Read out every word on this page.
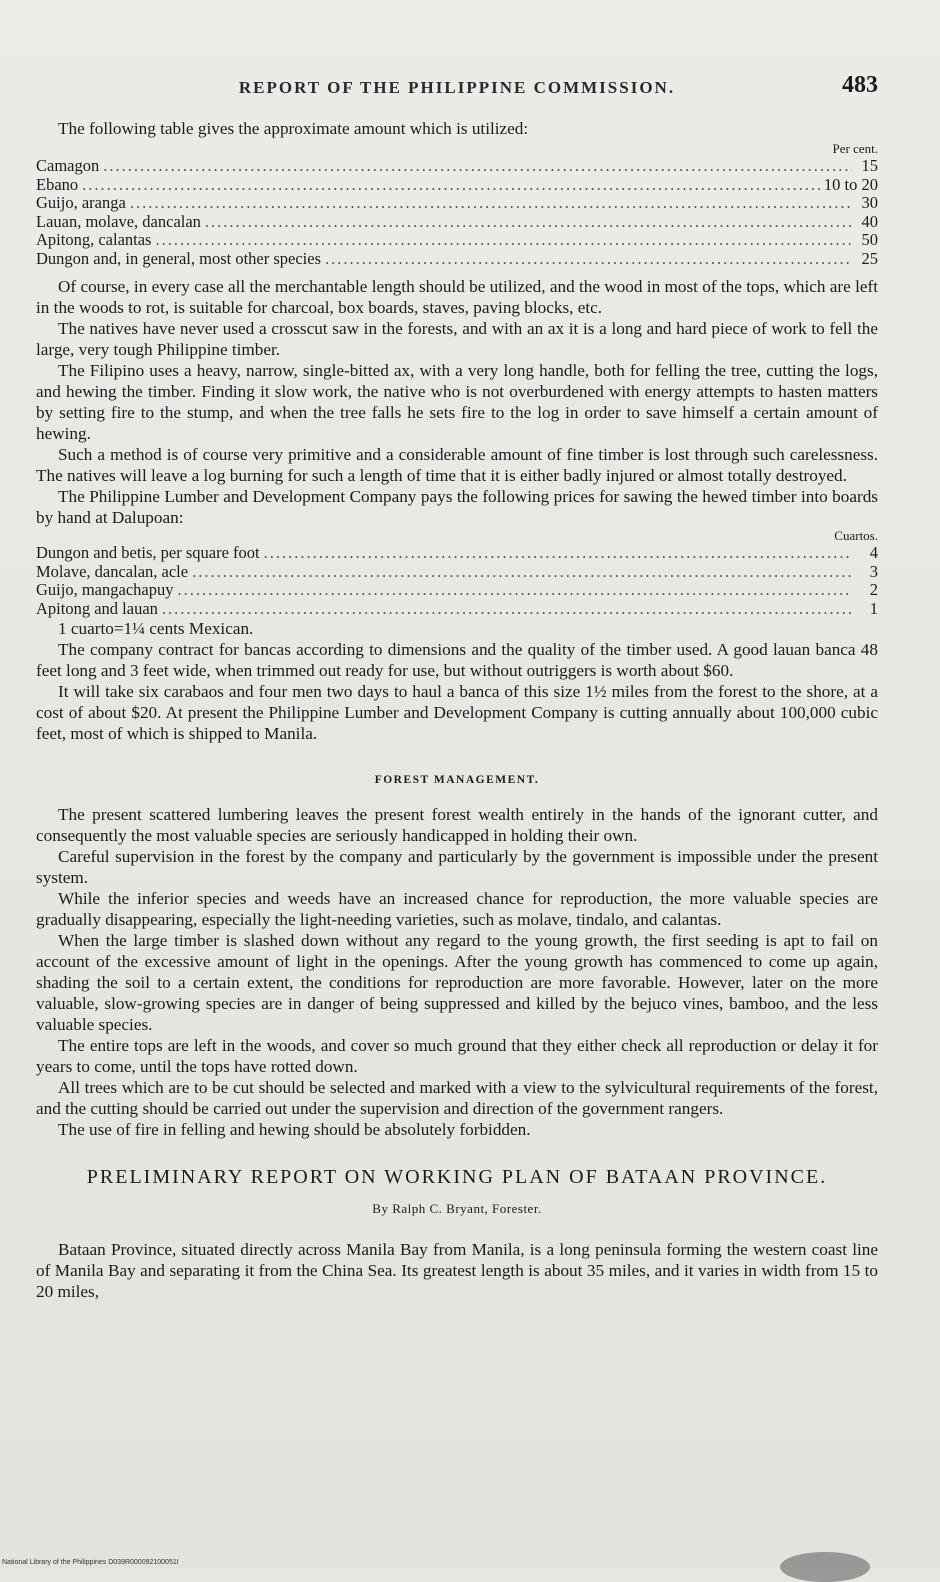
REPORT OF THE PHILIPPINE COMMISSION.	483

The following table gives the approximate amount which is utilized:

Per cent.
Camagon .....	15
Ebano .....	10 to 20
Guijo, aranga .....	30
Lauan, molave, dancalan .....	40
Apitong, calantas .....	50
Dungon and, in general, most other species .....	25

Of course, in every case all the merchantable length should be utilized, and the wood in most of the tops, which are left in the woods to rot, is suitable for charcoal, box boards, staves, paving blocks, etc.

The natives have never used a crosscut saw in the forests, and with an ax it is a long and hard piece of work to fell the large, very tough Philippine timber.

The Filipino uses a heavy, narrow, single-bitted ax, with a very long handle, both for felling the tree, cutting the logs, and hewing the timber. Finding it slow work, the native who is not overburdened with energy attempts to hasten matters by setting fire to the stump, and when the tree falls he sets fire to the log in order to save himself a certain amount of hewing.

Such a method is of course very primitive and a considerable amount of fine timber is lost through such carelessness. The natives will leave a log burning for such a length of time that it is either badly injured or almost totally destroyed.

The Philippine Lumber and Development Company pays the following prices for sawing the hewed timber into boards by hand at Dalupoan:

Cuartos.
Dungon and betis, per square foot .....	4
Molave, dancalan, acle .....	3
Guijo, mangachapuy .....	2
Apitong and lauan .....	1

1 cuarto=1¼ cents Mexican.

The company contract for bancas according to dimensions and the quality of the timber used. A good lauan banca 48 feet long and 3 feet wide, when trimmed out ready for use, but without outriggers is worth about $60.

It will take six carabaos and four men two days to haul a banca of this size 1½ miles from the forest to the shore, at a cost of about $20. At present the Philippine Lumber and Development Company is cutting annually about 100,000 cubic feet, most of which is shipped to Manila.

FOREST MANAGEMENT.

The present scattered lumbering leaves the present forest wealth entirely in the hands of the ignorant cutter, and consequently the most valuable species are seriously handicapped in holding their own.

Careful supervision in the forest by the company and particularly by the government is impossible under the present system.

While the inferior species and weeds have an increased chance for reproduction, the more valuable species are gradually disappearing, especially the light-needing varieties, such as molave, tindalo, and calantas.

When the large timber is slashed down without any regard to the young growth, the first seeding is apt to fail on account of the excessive amount of light in the openings. After the young growth has commenced to come up again, shading the soil to a certain extent, the conditions for reproduction are more favorable. However, later on the more valuable, slow-growing species are in danger of being suppressed and killed by the bejuco vines, bamboo, and the less valuable species.

The entire tops are left in the woods, and cover so much ground that they either check all reproduction or delay it for years to come, until the tops have rotted down.

All trees which are to be cut should be selected and marked with a view to the sylvicultural requirements of the forest, and the cutting should be carried out under the supervision and direction of the government rangers.

The use of fire in felling and hewing should be absolutely forbidden.

PRELIMINARY REPORT ON WORKING PLAN OF BATAAN PROVINCE.
By Ralph C. Bryant, Forester.

Bataan Province, situated directly across Manila Bay from Manila, is a long peninsula forming the western coast line of Manila Bay and separating it from the China Sea. Its greatest length is about 35 miles, and it varies in width from 15 to 20 miles,

National Library of the Philippines D039R000092100051I
